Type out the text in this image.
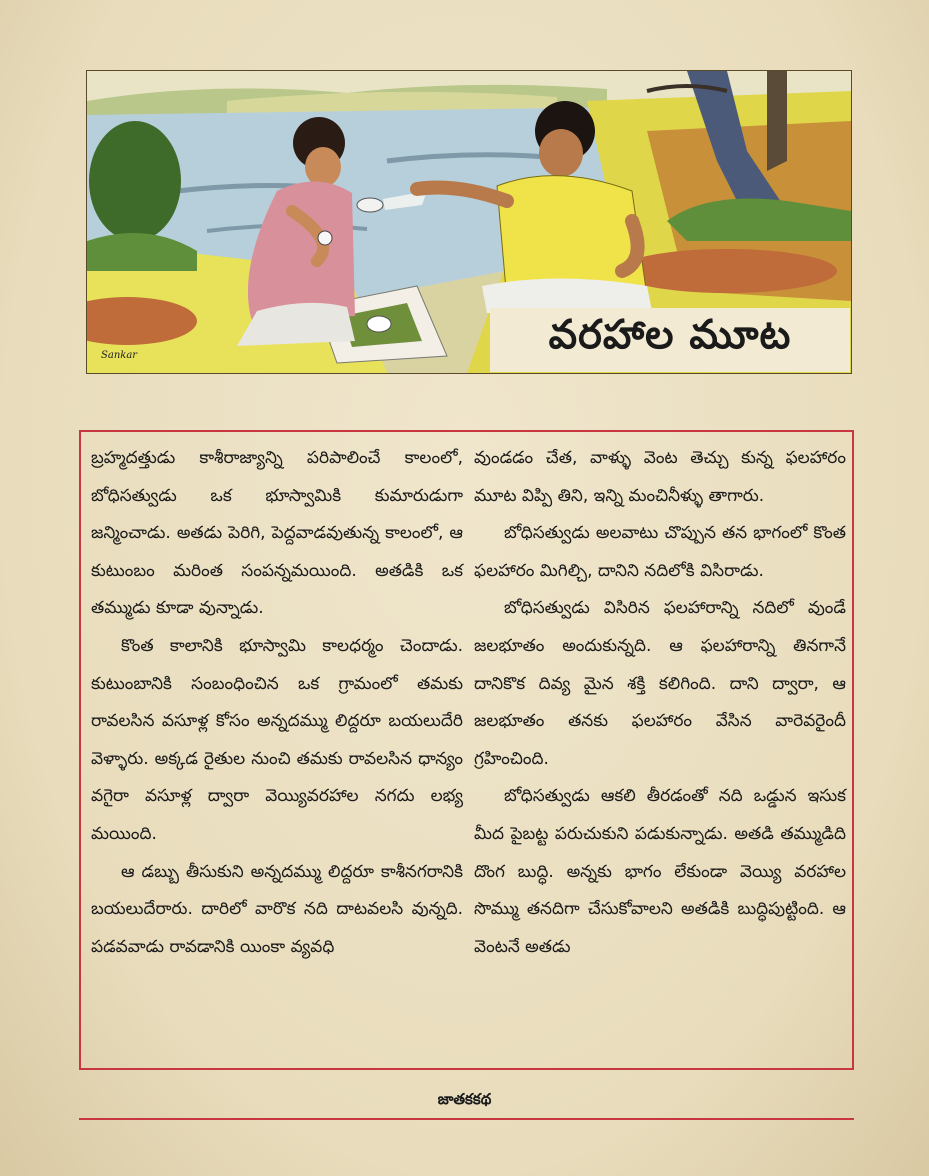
Sankar	వరహాల మూట

బ్రహ్మదత్తుడు కాశీరాజ్యాన్ని పరిపాలించే కాలంలో, బోధిసత్వుడు ఒక భూస్వామికి కుమారుడుగా జన్మించాడు. అతడు పెరిగి, పెద్దవాడవుతున్న కాలంలో, ఆ కుటుంబం మరింత సంపన్నమయింది. అతడికి ఒక తమ్ముడు కూడా వున్నాడు.

కొంత కాలానికి భూస్వామి కాలధర్మం చెందాడు. కుటుంబానికి సంబంధించిన ఒక గ్రామంలో తమకు రావలసిన వసూళ్ల కోసం అన్నదమ్ము లిద్దరూ బయలుదేరి వెళ్ళారు. అక్కడ రైతుల నుంచి తమకు రావలసిన ధాన్యం వగైరా వసూళ్ల ద్వారా వెయ్యివరహాల నగదు లభ్య మయింది.

ఆ డబ్బు తీసుకుని అన్నదమ్ము లిద్దరూ కాశీనగరానికి బయలుదేరారు. దారిలో వారొక నది దాటవలసి వున్నది. పడవవాడు రావడానికి యింకా వ్యవధి

వుండడం చేత, వాళ్ళు వెంట తెచ్చు కున్న ఫలహారం మూట విప్పి తిని, ఇన్ని మంచినీళ్ళు తాగారు.

బోధిసత్వుడు అలవాటు చొప్పున తన భాగంలో కొంత ఫలహారం మిగిల్చి, దానిని నదిలోకి విసిరాడు.

బోధిసత్వుడు విసిరిన ఫలహారాన్ని నదిలో వుండే జలభూతం అందుకున్నది. ఆ ఫలహారాన్ని తినగానే దానికొక దివ్య మైన శక్తి కలిగింది. దాని ద్వారా, ఆ జలభూతం తనకు ఫలహారం వేసిన వారెవరైందీ గ్రహించింది.

బోధిసత్వుడు ఆకలి తీరడంతో నది ఒడ్డున ఇసుక మీద పైబట్ట పరుచుకుని పడుకున్నాడు. అతడి తమ్ముడిది దొంగ బుద్ధి. అన్నకు భాగం లేకుండా వెయ్యి వరహాల సొమ్ము తనదిగా చేసుకోవాలని అతడికి బుద్ధిపుట్టింది. ఆ వెంటనే అతడు

జాతకకథ
